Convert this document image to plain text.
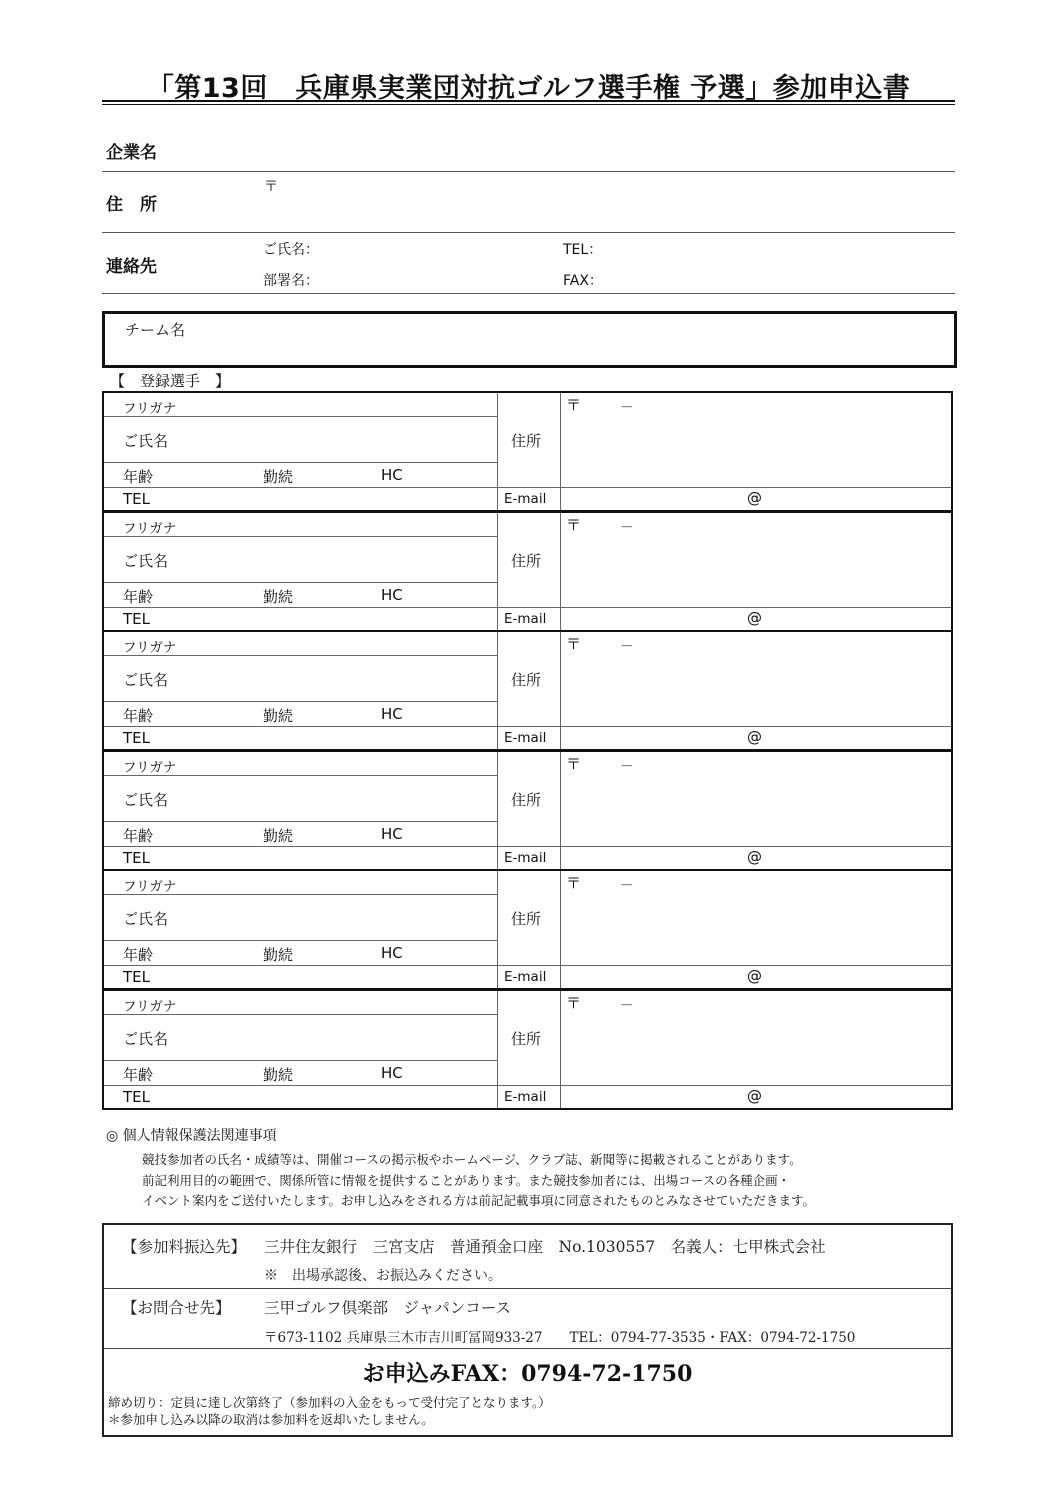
「第13回　兵庫県実業団対抗ゴルフ選手権 予選」参加申込書
企業名
〒
住　所
連絡先
ご氏名：	TEL：
部署名：	FAX：
チーム名
【　登録選手　】
フリガナ
ご氏名
年齢	勤続	HC
TEL
住所
〒	－
E-mail	@
フリガナ
ご氏名
年齢	勤続	HC
TEL
住所
〒	－
E-mail	@
フリガナ
ご氏名
年齢	勤続	HC
TEL
住所
〒	－
E-mail	@
フリガナ
ご氏名
年齢	勤続	HC
TEL
住所
〒	－
E-mail	@
フリガナ
ご氏名
年齢	勤続	HC
TEL
住所
〒	－
E-mail	@
フリガナ
ご氏名
年齢	勤続	HC
TEL
住所
〒	－
E-mail	@
◎ 個人情報保護法関連事項
競技参加者の氏名・成績等は、開催コースの掲示板やホームページ、クラブ誌、新聞等に掲載されることがあります。
前記利用目的の範囲で、関係所管に情報を提供することがあります。また競技参加者には、出場コースの各種企画・
イベント案内をご送付いたします。お申し込みをされる方は前記記載事項に同意されたものとみなさせていただきます。
【参加料振込先】 三井住友銀行　三宮支店　普通預金口座　No.1030557　名義人：七甲株式会社
※　出場承認後、お振込みください。
【お問合せ先】 三甲ゴルフ倶楽部　ジャパンコース
〒673-1102 兵庫県三木市吉川町冨岡933-27　　TEL：0794-77-3535・FAX：0794-72-1750
お申込みFAX：0794-72-1750
締め切り：定員に達し次第終了（参加料の入金をもって受付完了となります。）
＊参加申し込み以降の取消は参加料を返却いたしません。
